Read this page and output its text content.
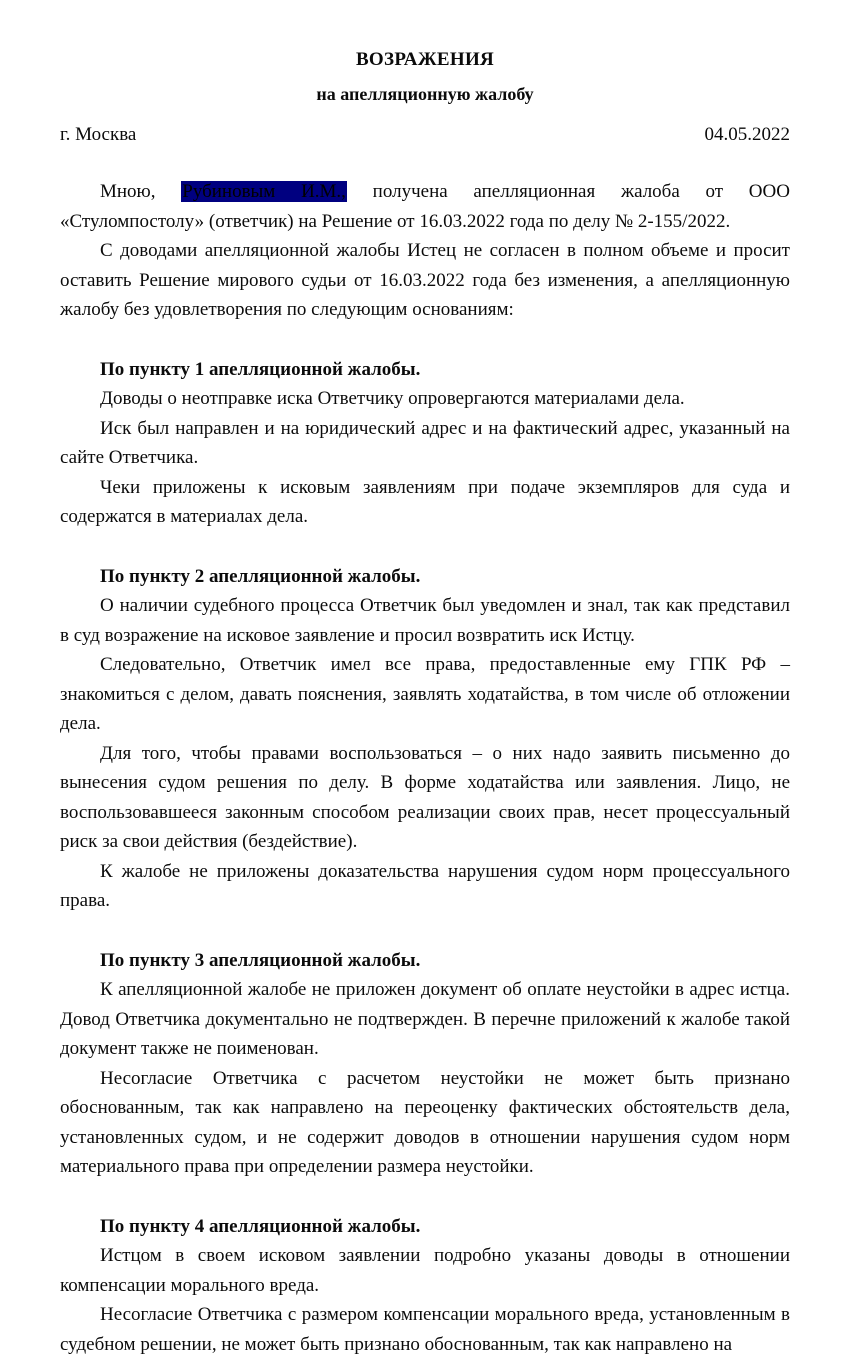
ВОЗРАЖЕНИЯ
на апелляционную жалобу
г. Москва	04.05.2022

Мною, Рубиновым И.М., получена апелляционная жалоба от ООО «Стуломпостолу» (ответчик) на Решение от 16.03.2022 года по делу № 2-155/2022.

С доводами апелляционной жалобы Истец не согласен в полном объеме и просит оставить Решение мирового судьи от 16.03.2022 года без изменения, а апелляционную жалобу без удовлетворения по следующим основаниям:

По пункту 1 апелляционной жалобы.

Доводы о неотправке иска Ответчику опровергаются материалами дела.

Иск был направлен и на юридический адрес и на фактический адрес, указанный на сайте Ответчика.

Чеки приложены к исковым заявлениям при подаче экземпляров для суда и содержатся в материалах дела.

По пункту 2 апелляционной жалобы.

О наличии судебного процесса Ответчик был уведомлен и знал, так как представил в суд возражение на исковое заявление и просил возвратить иск Истцу.

Следовательно, Ответчик имел все права, предоставленные ему ГПК РФ – знакомиться с делом, давать пояснения, заявлять ходатайства, в том числе об отложении дела.

Для того, чтобы правами воспользоваться – о них надо заявить письменно до вынесения судом решения по делу. В форме ходатайства или заявления. Лицо, не воспользовавшееся законным способом реализации своих прав, несет процессуальный риск за свои действия (бездействие).

К жалобе не приложены доказательства нарушения судом норм процессуального права.

По пункту 3 апелляционной жалобы.

К апелляционной жалобе не приложен документ об оплате неустойки в адрес истца. Довод Ответчика документально не подтвержден. В перечне приложений к жалобе такой документ также не поименован.

Несогласие Ответчика с расчетом неустойки не может быть признано обоснованным, так как направлено на переоценку фактических обстоятельств дела, установленных судом, и не содержит доводов в отношении нарушения судом норм материального права при определении размера неустойки.

По пункту 4 апелляционной жалобы.

Истцом в своем исковом заявлении подробно указаны доводы в отношении компенсации морального вреда.

Несогласие Ответчика с размером компенсации морального вреда, установленным в судебном решении, не может быть признано обоснованным, так как направлено на
